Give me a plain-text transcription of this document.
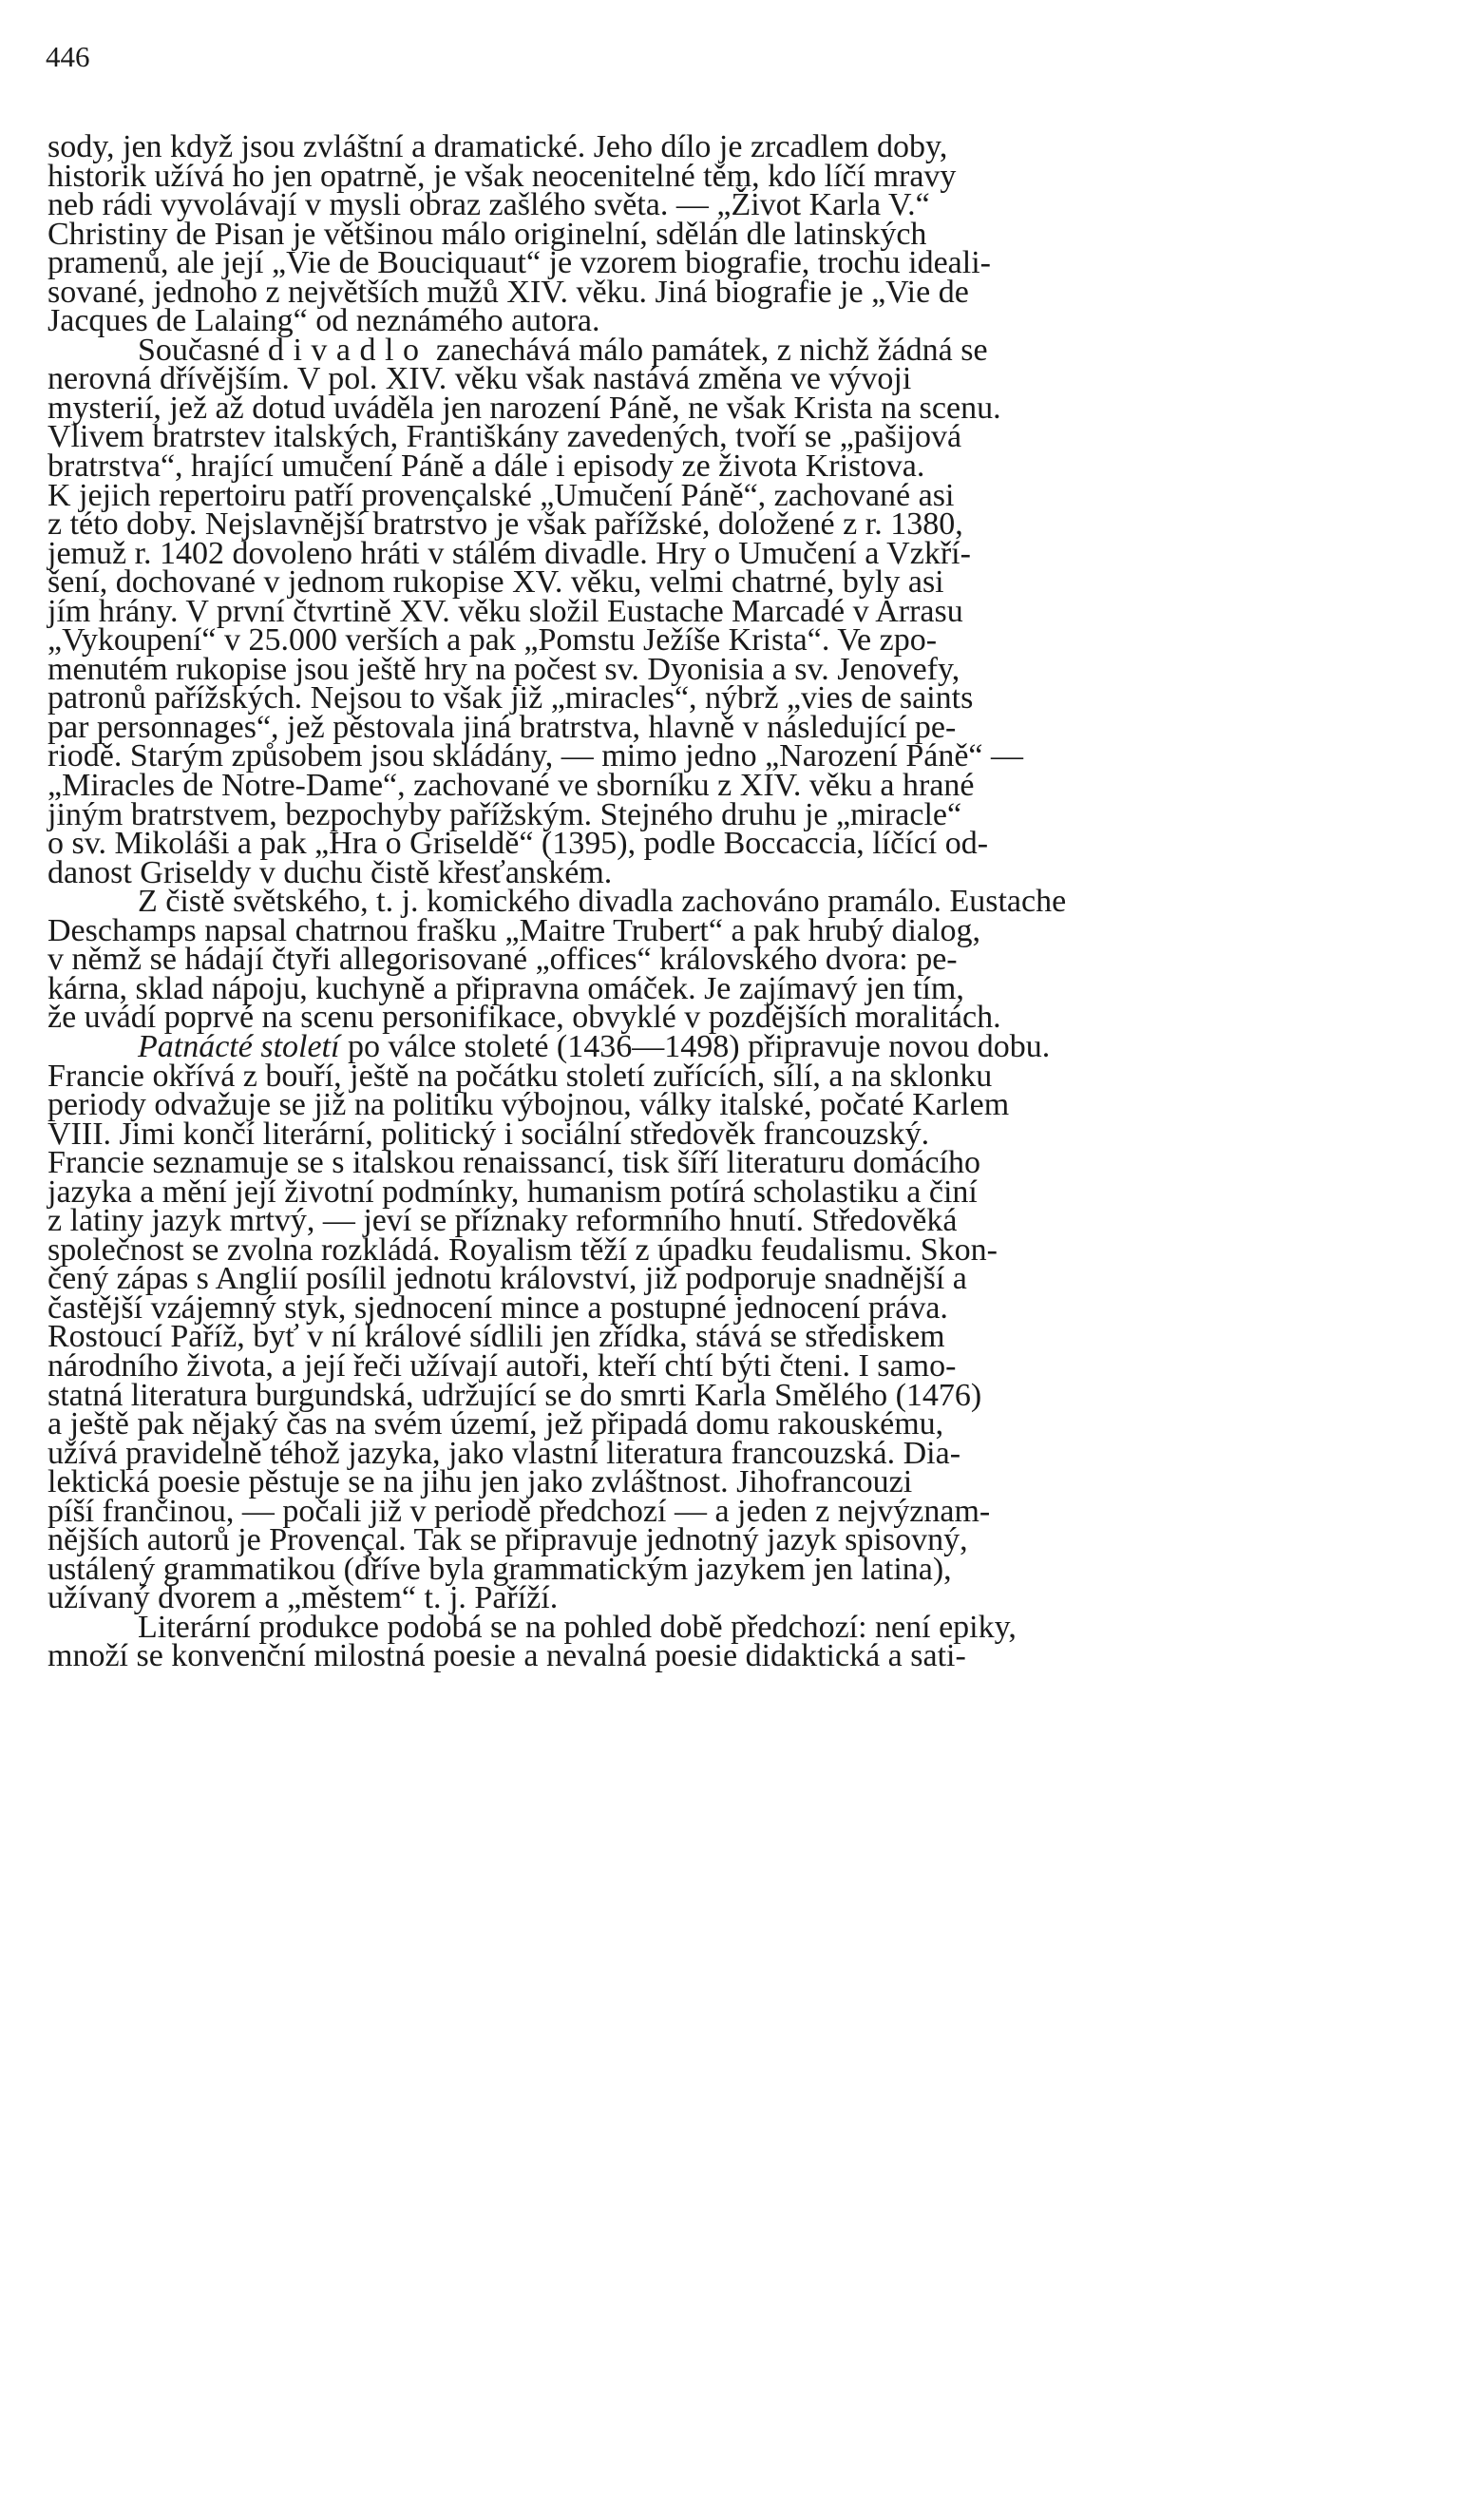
446
sody, jen když jsou zvláštní a dramatické. Jeho dílo je zrcadlem doby,
historik užívá ho jen opatrně, je však neocenitelné těm, kdo líčí mravy
neb rádi vyvolávají v mysli obraz zašlého světa. — „Život Karla V.“
Christiny de Pisan je většinou málo originelní, sdělán dle latinských
pramenů, ale její „Vie de Bouciquaut“ je vzorem biografie, trochu ideali-
sované, jednoho z největších mužů XIV. věku. Jiná biografie je „Vie de
Jacques de Lalaing“ od neznámého autora.
Současné divadlo zanechává málo památek, z nichž žádná se
nerovná dřívějším. V pol. XIV. věku však nastává změna ve vývoji
mysterií, jež až dotud uváděla jen narození Páně, ne však Krista na scenu.
Vlivem bratrstev italských, Františkány zavedených, tvoří se „pašijová
bratrstva“, hrající umučení Páně a dále i episody ze života Kristova.
K jejich repertoiru patří provençalské „Umučení Páně“, zachované asi
z této doby. Nejslavnější bratrstvo je však pařížské, doložené z r. 1380,
jemuž r. 1402 dovoleno hráti v stálém divadle. Hry o Umučení a Vzkří-
šení, dochované v jednom rukopise XV. věku, velmi chatrné, byly asi
jím hrány. V první čtvrtině XV. věku složil Eustache Marcadé v Arrasu
„Vykoupení“ v 25.000 verších a pak „Pomstu Ježíše Krista“. Ve zpo-
menutém rukopise jsou ještě hry na počest sv. Dyonisia a sv. Jenovefy,
patronů pařížských. Nejsou to však již „miracles“, nýbrž „vies de saints
par personnages“, jež pěstovala jiná bratrstva, hlavně v následující pe-
riodě. Starým způsobem jsou skládány, — mimo jedno „Narození Páně“ —
„Miracles de Notre-Dame“, zachované ve sborníku z XIV. věku a hrané
jiným bratrstvem, bezpochyby pařížským. Stejného druhu je „miracle“
o sv. Mikoláši a pak „Hra o Griseldě“ (1395), podle Boccaccia, líčící od-
danost Griseldy v duchu čistě křesťanském.
Z čistě světského, t. j. komického divadla zachováno pramálo. Eustache
Deschamps napsal chatrnou frašku „Maitre Trubert“ a pak hrubý dialog,
v němž se hádají čtyři allegorisované „offices“ královského dvora: pe-
kárna, sklad nápoju, kuchyně a připravna omáček. Je zajímavý jen tím,
že uvádí poprvé na scenu personifikace, obvyklé v pozdějších moralitách.
Patnácté století po válce stoleté (1436—1498) připravuje novou dobu.
Francie okřívá z bouří, ještě na počátku století zuřících, sílí, a na sklonku
periody odvažuje se již na politiku výbojnou, války italské, počaté Karlem
VIII. Jimi končí literární, politický i sociální středověk francouzský.
Francie seznamuje se s italskou renaissancí, tisk šíří literaturu domácího
jazyka a mění její životní podmínky, humanism potírá scholastiku a činí
z latiny jazyk mrtvý, — jeví se příznaky reformního hnutí. Středověká
společnost se zvolna rozkládá. Royalism těží z úpadku feudalismu. Skon-
čený zápas s Anglií posílil jednotu království, již podporuje snadnější a
častější vzájemný styk, sjednocení mince a postupné jednocení práva.
Rostoucí Paříž, byť v ní králové sídlili jen zřídka, stává se střediskem
národního života, a její řeči užívají autoři, kteří chtí býti čteni. I samo-
statná literatura burgundská, udržující se do smrti Karla Smělého (1476)
a ještě pak nějaký čas na svém území, jež připadá domu rakouskému,
užívá pravidelně téhož jazyka, jako vlastní literatura francouzská. Dia-
lektická poesie pěstuje se na jihu jen jako zvláštnost. Jihofrancouzi
píší frančinou, — počali již v periodě předchozí — a jeden z nejvýznam-
nějších autorů je Provençal. Tak se připravuje jednotný jazyk spisovný,
ustálený grammatikou (dříve byla grammatickým jazykem jen latina),
užívaný dvorem a „městem“ t. j. Paříží.
Literární produkce podobá se na pohled době předchozí: není epiky,
množí se konvenční milostná poesie a nevalná poesie didaktická a sati-
